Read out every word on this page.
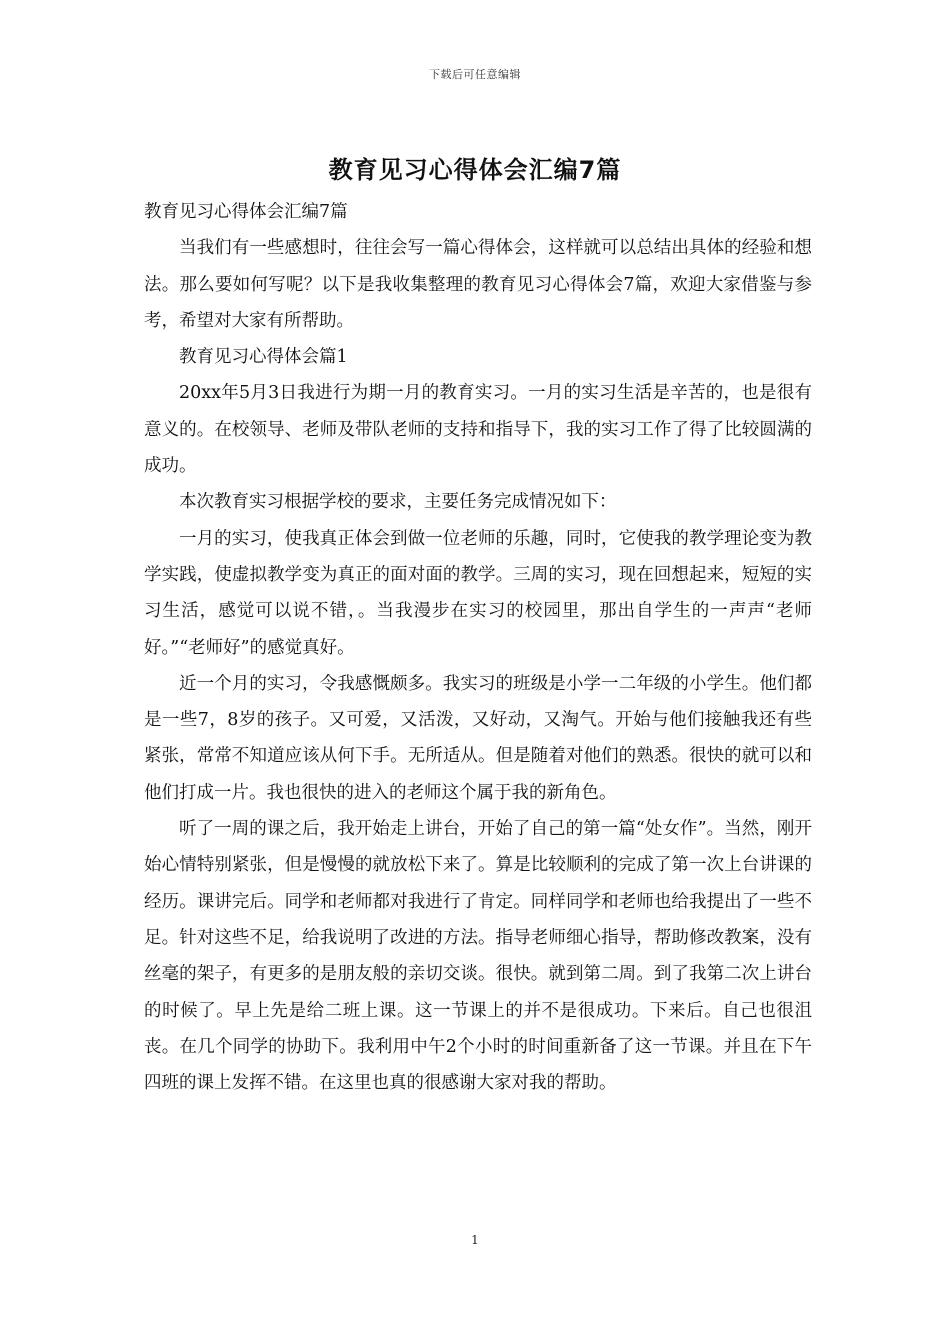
下载后可任意编辑
教育见习心得体会汇编7篇

教育见习心得体会汇编7篇

当我们有一些感想时，往往会写一篇心得体会，这样就可以总结出具体的经验和想法。那么要如何写呢？以下是我收集整理的教育见习心得体会7篇，欢迎大家借鉴与参考，希望对大家有所帮助。

教育见习心得体会篇1

20xx年5月3日我进行为期一月的教育实习。一月的实习生活是辛苦的，也是很有意义的。在校领导、老师及带队老师的支持和指导下，我的实习工作了得了比较圆满的成功。

本次教育实习根据学校的要求，主要任务完成情况如下：

一月的实习，使我真正体会到做一位老师的乐趣，同时，它使我的教学理论变为教学实践，使虚拟教学变为真正的面对面的教学。三周的实习，现在回想起来，短短的实习生活，感觉可以说不错，。当我漫步在实习的校园里，那出自学生的一声声“老师好。”“老师好”的感觉真好。

近一个月的实习，令我感慨颇多。我实习的班级是小学一二年级的小学生。他们都是一些7，8岁的孩子。又可爱，又活泼，又好动，又淘气。开始与他们接触我还有些紧张，常常不知道应该从何下手。无所适从。但是随着对他们的熟悉。很快的就可以和他们打成一片。我也很快的进入的老师这个属于我的新角色。

听了一周的课之后，我开始走上讲台，开始了自己的第一篇“处女作”。当然，刚开始心情特别紧张，但是慢慢的就放松下来了。算是比较顺利的完成了第一次上台讲课的经历。课讲完后。同学和老师都对我进行了肯定。同样同学和老师也给我提出了一些不足。针对这些不足，给我说明了改进的方法。指导老师细心指导，帮助修改教案，没有丝毫的架子，有更多的是朋友般的亲切交谈。很快。就到第二周。到了我第二次上讲台的时候了。早上先是给二班上课。这一节课上的并不是很成功。下来后。自己也很沮丧。在几个同学的协助下。我利用中午2个小时的时间重新备了这一节课。并且在下午四班的课上发挥不错。在这里也真的很感谢大家对我的帮助。

1
